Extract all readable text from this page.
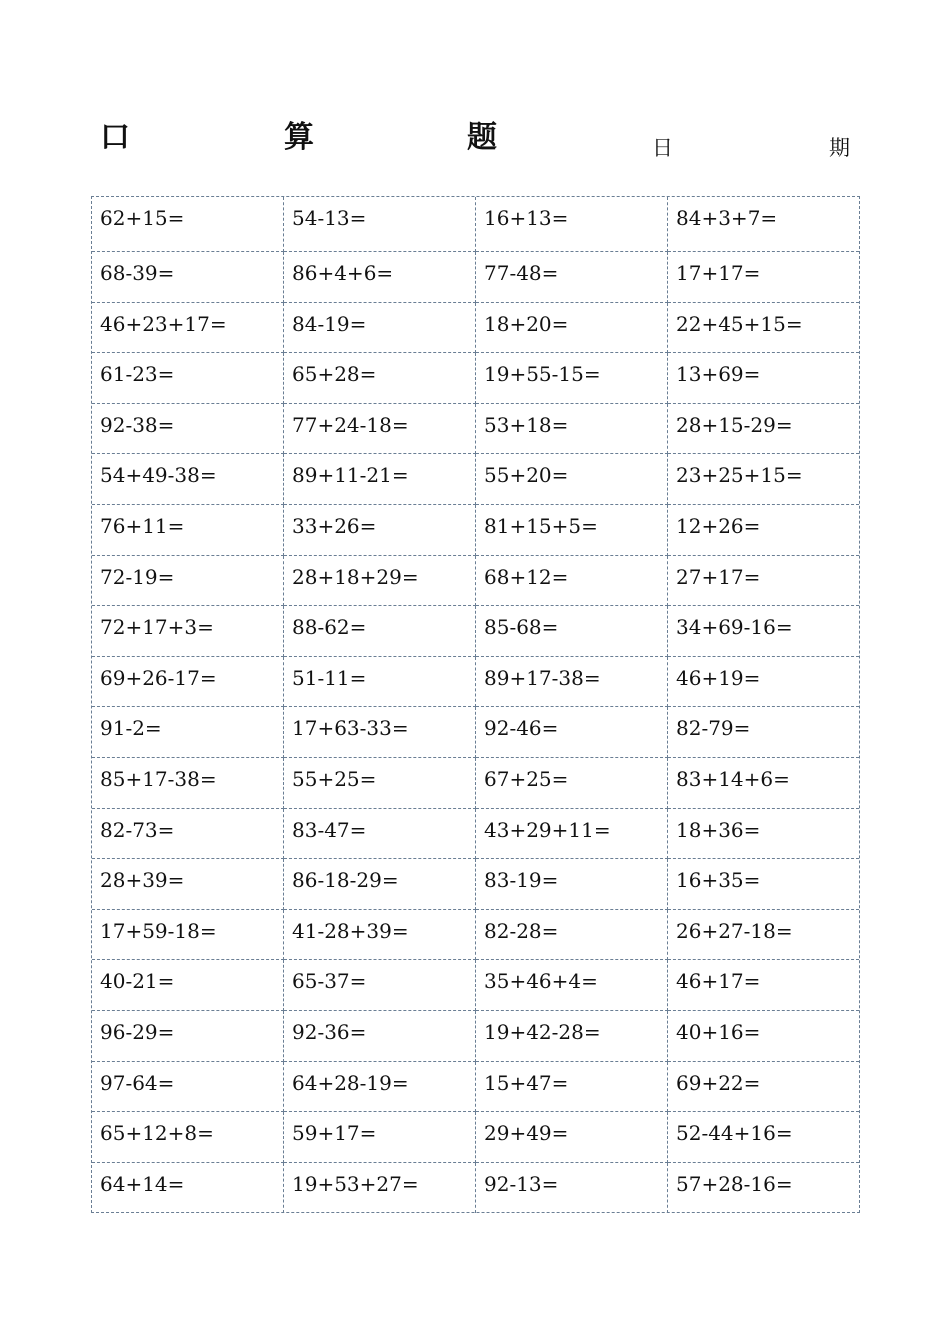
口	算	题	日	期
62+15=	54-13=	16+13=	84+3+7=
68-39=	86+4+6=	77-48=	17+17=
46+23+17=	84-19=	18+20=	22+45+15=
61-23=	65+28=	19+55-15=	13+69=
92-38=	77+24-18=	53+18=	28+15-29=
54+49-38=	89+11-21=	55+20=	23+25+15=
76+11=	33+26=	81+15+5=	12+26=
72-19=	28+18+29=	68+12=	27+17=
72+17+3=	88-62=	85-68=	34+69-16=
69+26-17=	51-11=	89+17-38=	46+19=
91-2=	17+63-33=	92-46=	82-79=
85+17-38=	55+25=	67+25=	83+14+6=
82-73=	83-47=	43+29+11=	18+36=
28+39=	86-18-29=	83-19=	16+35=
17+59-18=	41-28+39=	82-28=	26+27-18=
40-21=	65-37=	35+46+4=	46+17=
96-29=	92-36=	19+42-28=	40+16=
97-64=	64+28-19=	15+47=	69+22=
65+12+8=	59+17=	29+49=	52-44+16=
64+14=	19+53+27=	92-13=	57+28-16=
